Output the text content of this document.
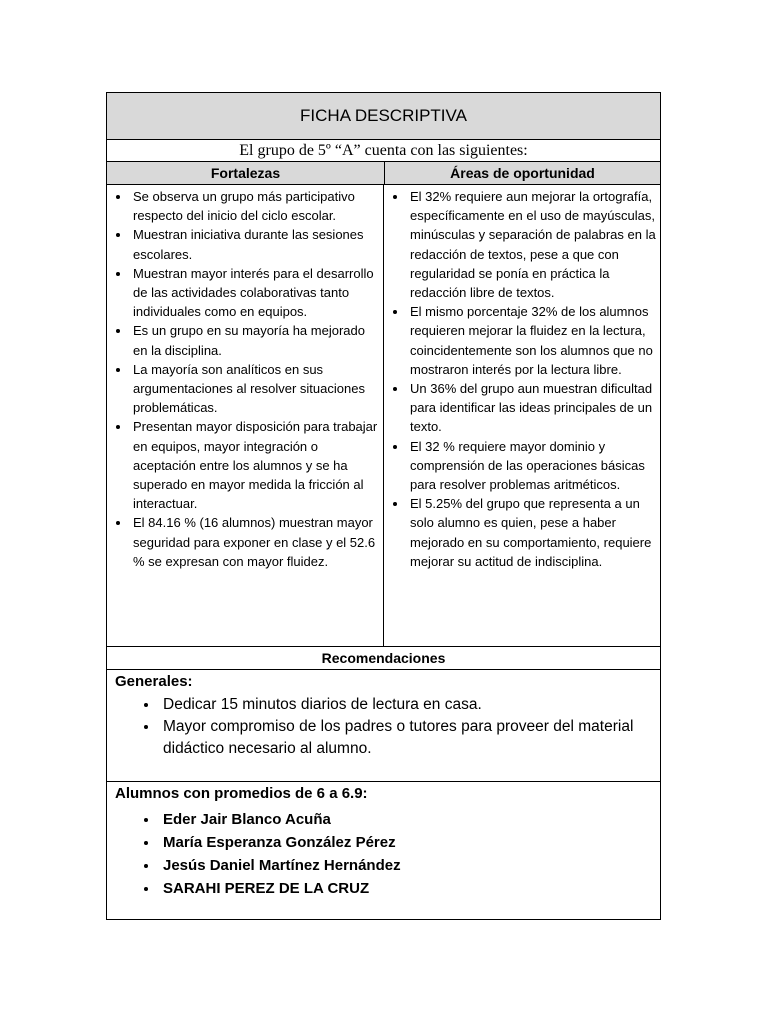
FICHA DESCRIPTIVA
El grupo de 5º “A” cuenta con las siguientes:
Fortalezas	Áreas de oportunidad
• Se observa un grupo más participativo respecto del inicio del ciclo escolar.
• Muestran iniciativa durante las sesiones escolares.
• Muestran mayor interés para el desarrollo de las actividades colaborativas tanto individuales como en equipos.
• Es un grupo en su mayoría ha mejorado en la disciplina.
• La mayoría son analíticos en sus argumentaciones al resolver situaciones problemáticas.
• Presentan mayor disposición para trabajar en equipos, mayor integración o aceptación entre los alumnos y se ha superado en mayor medida la fricción al interactuar.
• El 84.16 % (16 alumnos) muestran mayor seguridad para exponer en clase y el 52.6 % se expresan con mayor fluidez.
• El 32% requiere aun mejorar la ortografía, específicamente en el uso de mayúsculas, minúsculas y separación de palabras en la redacción de textos, pese a que con regularidad se ponía en práctica la redacción libre de textos.
• El mismo porcentaje 32% de los alumnos requieren mejorar la fluidez en la lectura, coincidentemente son los alumnos que no mostraron interés por la lectura libre.
• Un 36% del grupo aun muestran dificultad para identificar las ideas principales de un texto.
• El 32 % requiere mayor dominio y comprensión de las operaciones básicas para resolver problemas aritméticos.
• El 5.25% del grupo que representa a un solo alumno es quien, pese a haber mejorado en su comportamiento, requiere mejorar su actitud de indisciplina.
Recomendaciones
Generales:
• Dedicar 15 minutos diarios de lectura en casa.
• Mayor compromiso de los padres o tutores para proveer del material didáctico necesario al alumno.
Alumnos con promedios de 6 a 6.9:
• Eder Jair Blanco Acuña
• María Esperanza González Pérez
• Jesús Daniel Martínez Hernández
• SARAHI PEREZ DE LA CRUZ
